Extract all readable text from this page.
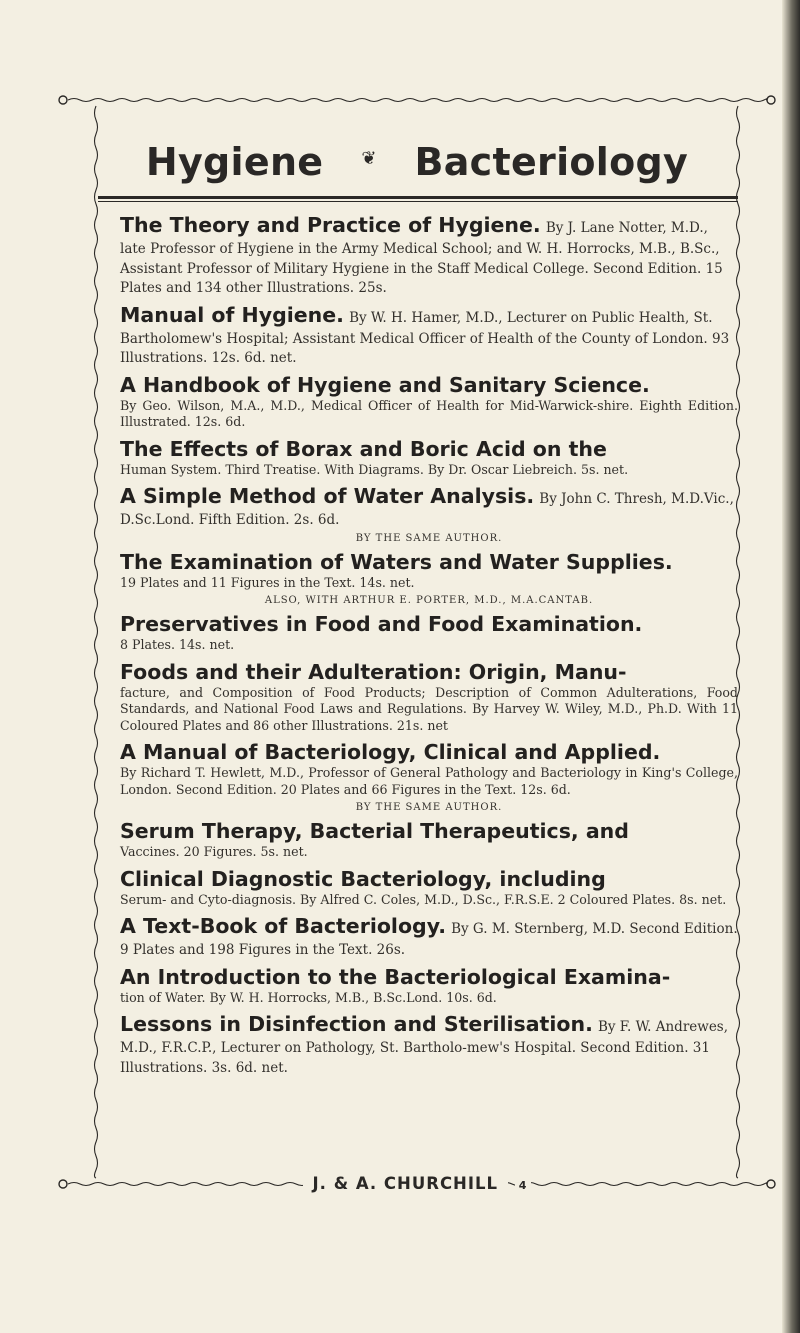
Hygiene ❦ Bacteriology
The Theory and Practice of Hygiene. By J. Lane Notter, M.D., late Professor of Hygiene in the Army Medical School; and W. H. Horrocks, M.B., B.Sc., Assistant Professor of Military Hygiene in the Staff Medical College. Second Edition. 15 Plates and 134 other Illustrations. 25s.
Manual of Hygiene. By W. H. Hamer, M.D., Lecturer on Public Health, St. Bartholomew's Hospital; Assistant Medical Officer of Health of the County of London. 93 Illustrations. 12s. 6d. net.
A Handbook of Hygiene and Sanitary Science.
By Geo. Wilson, M.A., M.D., Medical Officer of Health for Mid-Warwick-shire. Eighth Edition. Illustrated. 12s. 6d.
The Effects of Borax and Boric Acid on the
Human System. Third Treatise. With Diagrams. By Dr. Oscar Liebreich. 5s. net.
A Simple Method of Water Analysis. By John C. Thresh, M.D.Vic., D.Sc.Lond. Fifth Edition. 2s. 6d.
BY THE SAME AUTHOR.
The Examination of Waters and Water Supplies.
19 Plates and 11 Figures in the Text. 14s. net.
ALSO, WITH ARTHUR E. PORTER, M.D., M.A.CANTAB.
Preservatives in Food and Food Examination.
8 Plates. 14s. net.
Foods and their Adulteration: Origin, Manu-
facture, and Composition of Food Products; Description of Common Adulterations, Food Standards, and National Food Laws and Regulations. By Harvey W. Wiley, M.D., Ph.D. With 11 Coloured Plates and 86 other Illustrations. 21s. net
A Manual of Bacteriology, Clinical and Applied.
By Richard T. Hewlett, M.D., Professor of General Pathology and Bacteriology in King's College, London. Second Edition. 20 Plates and 66 Figures in the Text. 12s. 6d.
BY THE SAME AUTHOR.
Serum Therapy, Bacterial Therapeutics, and
Vaccines. 20 Figures. 5s. net.
Clinical Diagnostic Bacteriology, including
Serum- and Cyto-diagnosis. By Alfred C. Coles, M.D., D.Sc., F.R.S.E. 2 Coloured Plates. 8s. net.
A Text-Book of Bacteriology. By G. M. Sternberg, M.D. Second Edition. 9 Plates and 198 Figures in the Text. 26s.
An Introduction to the Bacteriological Examina-
tion of Water. By W. H. Horrocks, M.B., B.Sc.Lond. 10s. 6d.
Lessons in Disinfection and Sterilisation. By F. W. Andrewes, M.D., F.R.C.P., Lecturer on Pathology, St. Bartholo-mew's Hospital. Second Edition. 31 Illustrations. 3s. 6d. net.
J. & A. CHURCHILL 4
